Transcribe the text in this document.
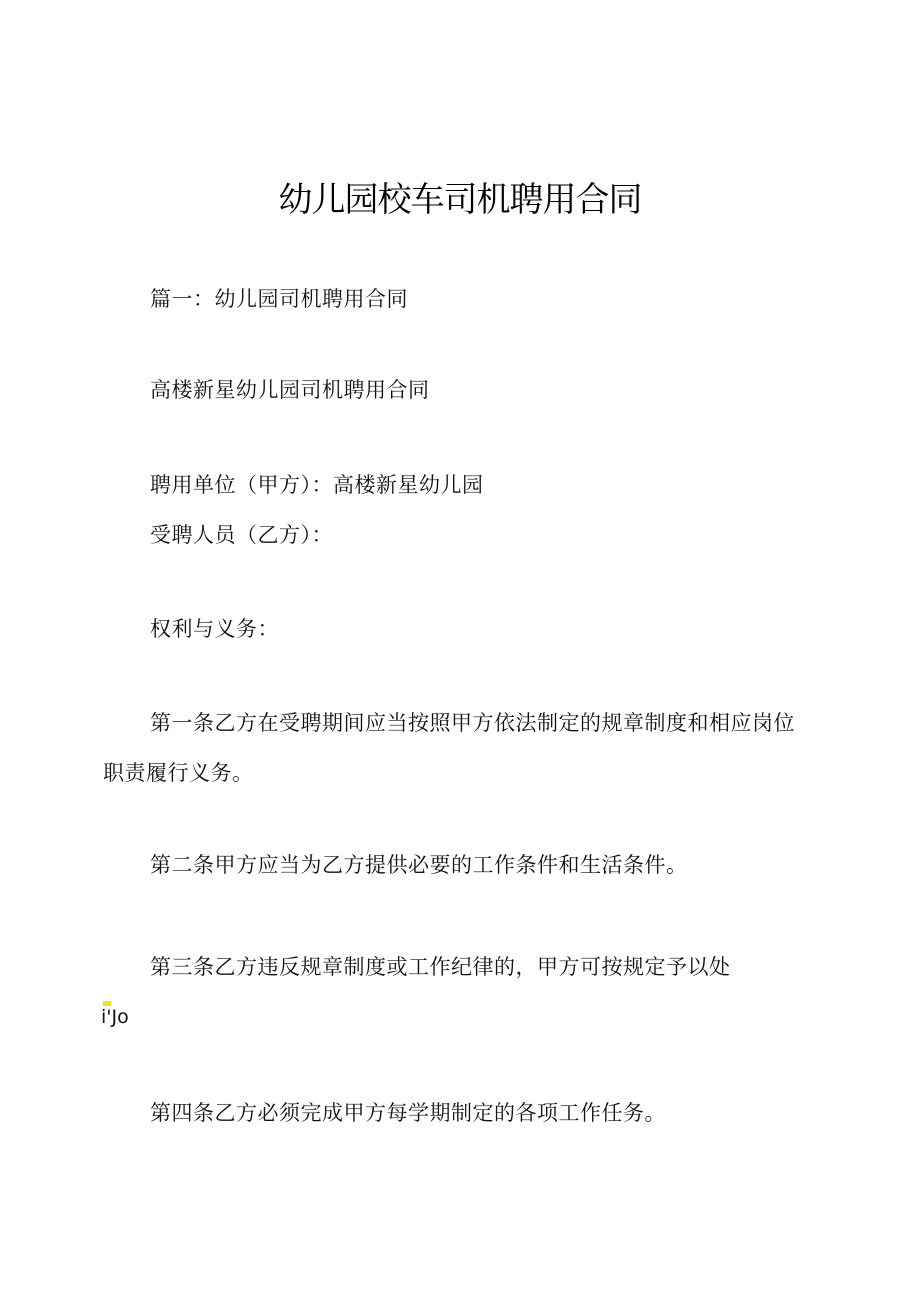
幼儿园校车司机聘用合同
篇一：幼儿园司机聘用合同
高楼新星幼儿园司机聘用合同
聘用单位（甲方）：高楼新星幼儿园
受聘人员（乙方）：
权利与义务：
第一条乙方在受聘期间应当按照甲方依法制定的规章制度和相应岗位
职责履行义务。
第二条甲方应当为乙方提供必要的工作条件和生活条件。
第三条乙方违反规章制度或工作纪律的，甲方可按规定予以处
i'Jo
第四条乙方必须完成甲方每学期制定的各项工作任务。
